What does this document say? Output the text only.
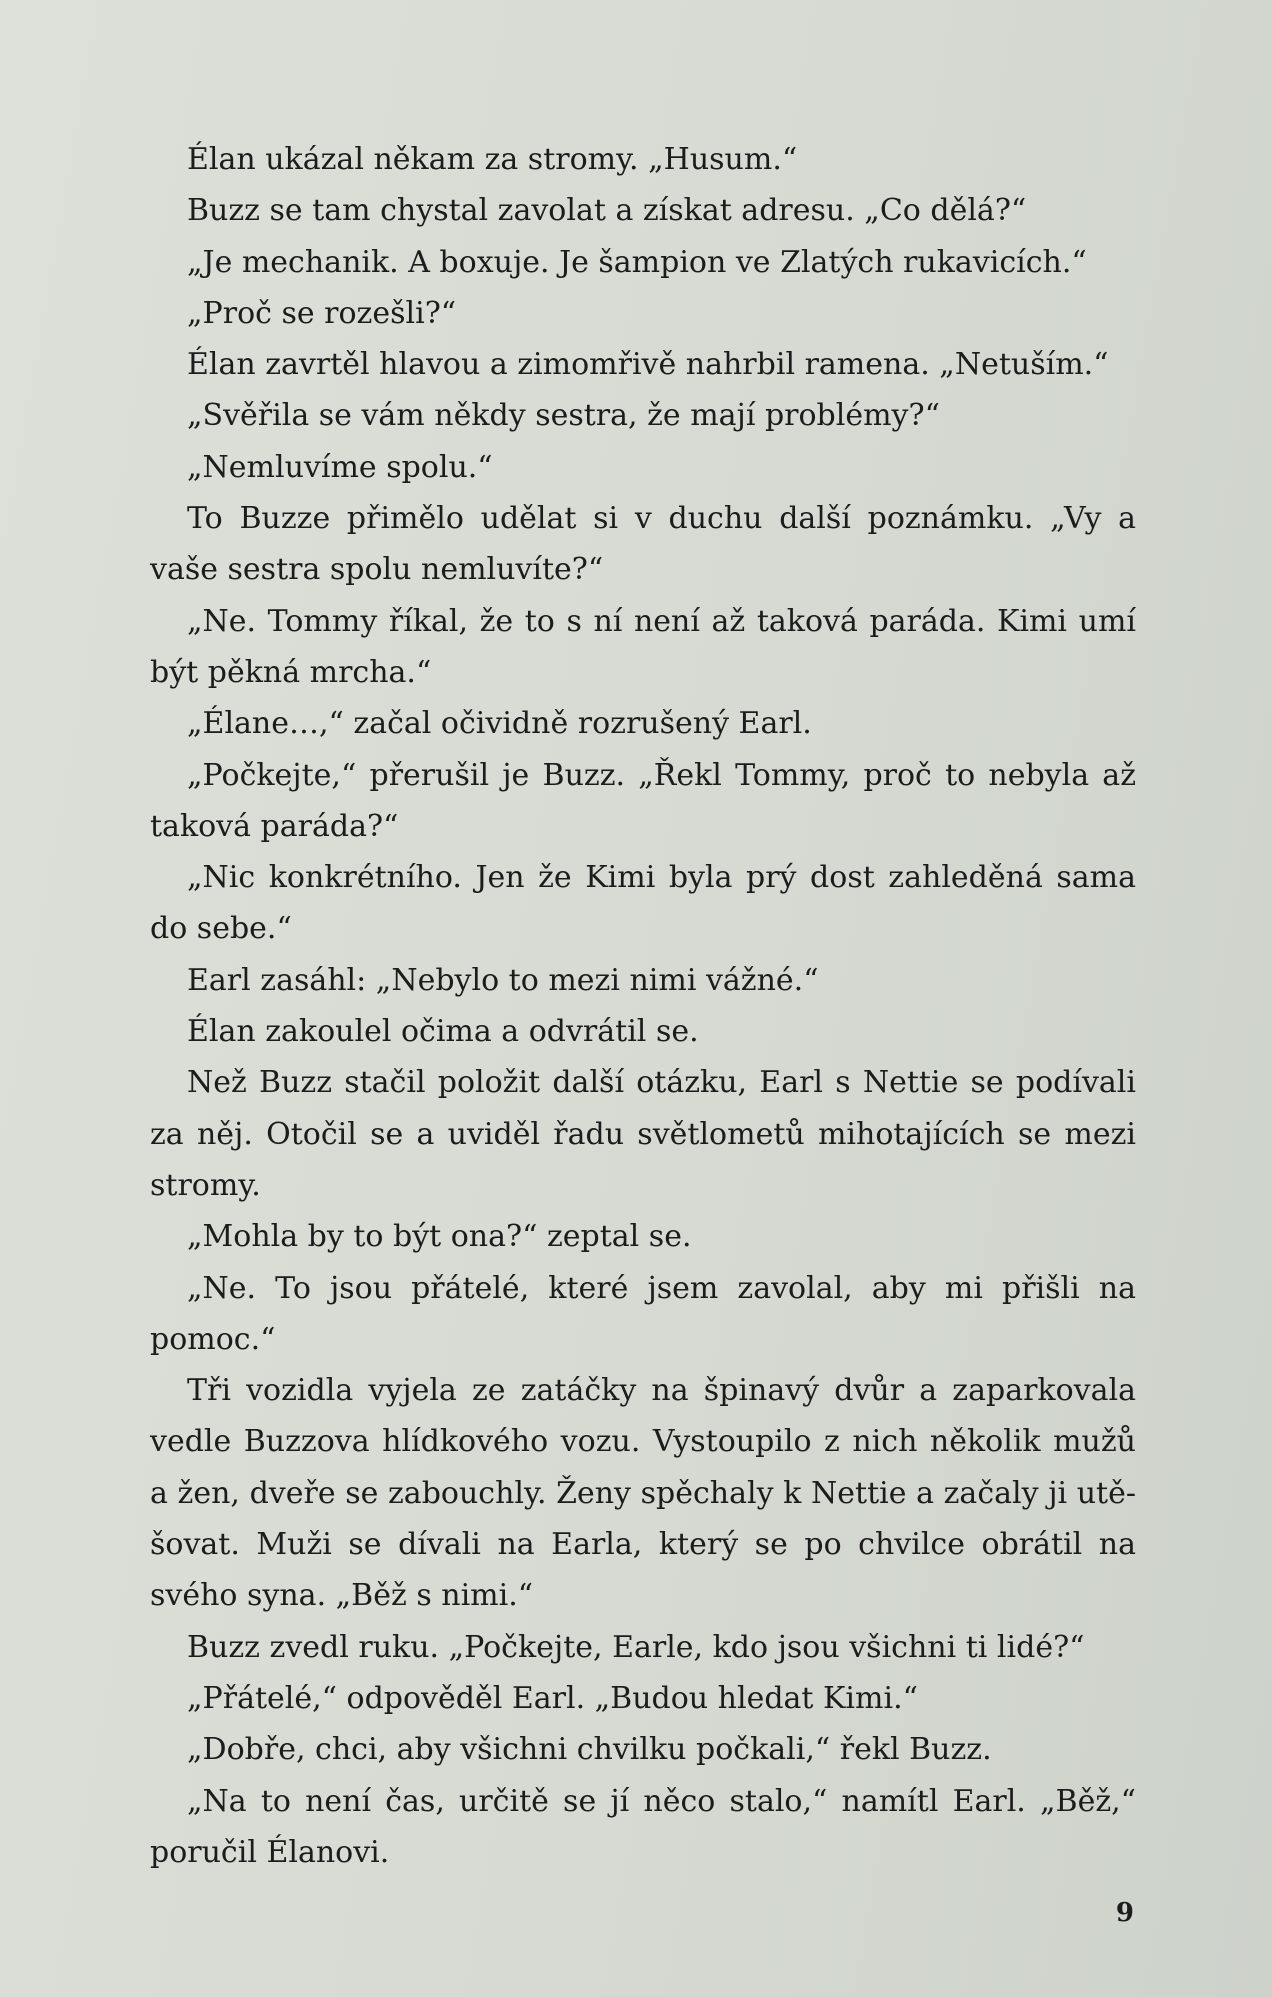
Élan ukázal někam za stromy. „Husum.“

Buzz se tam chystal zavolat a získat adresu. „Co dělá?“

„Je mechanik. A boxuje. Je šampion ve Zlatých rukavicích.“

„Proč se rozešli?“

Élan zavrtěl hlavou a zimomřivě nahrbil ramena. „Netuším.“

„Svěřila se vám někdy sestra, že mají problémy?“

„Nemluvíme spolu.“

To Buzze přimělo udělat si v duchu další poznámku. „Vy a vaše sestra spolu nemluvíte?“

„Ne. Tommy říkal, že to s ní není až taková paráda. Kimi umí být pěkná mrcha.“

„Élane…,“ začal očividně rozrušený Earl.

„Počkejte,“ přerušil je Buzz. „Řekl Tommy, proč to nebyla až taková paráda?“

„Nic konkrétního. Jen že Kimi byla prý dost zahleděná sama do sebe.“

Earl zasáhl: „Nebylo to mezi nimi vážné.“

Élan zakoulel očima a odvrátil se.

Než Buzz stačil položit další otázku, Earl s Nettie se podívali za něj. Otočil se a uviděl řadu světlometů mihotajících se mezi stromy.

„Mohla by to být ona?“ zeptal se.

„Ne. To jsou přátelé, které jsem zavolal, aby mi přišli na pomoc.“

Tři vozidla vyjela ze zatáčky na špinavý dvůr a zaparkovala vedle Buzzova hlídkového vozu. Vystoupilo z nich několik mužů a žen, dveře se zabouchly. Ženy spěchaly k Nettie a začaly ji utěšovat. Muži se dívali na Earla, který se po chvilce obrátil na svého syna. „Běž s nimi.“

Buzz zvedl ruku. „Počkejte, Earle, kdo jsou všichni ti lidé?“

„Přátelé,“ odpověděl Earl. „Budou hledat Kimi.“

„Dobře, chci, aby všichni chvilku počkali,“ řekl Buzz.

„Na to není čas, určitě se jí něco stalo,“ namítl Earl. „Běž,“ poručil Élanovi.

9
